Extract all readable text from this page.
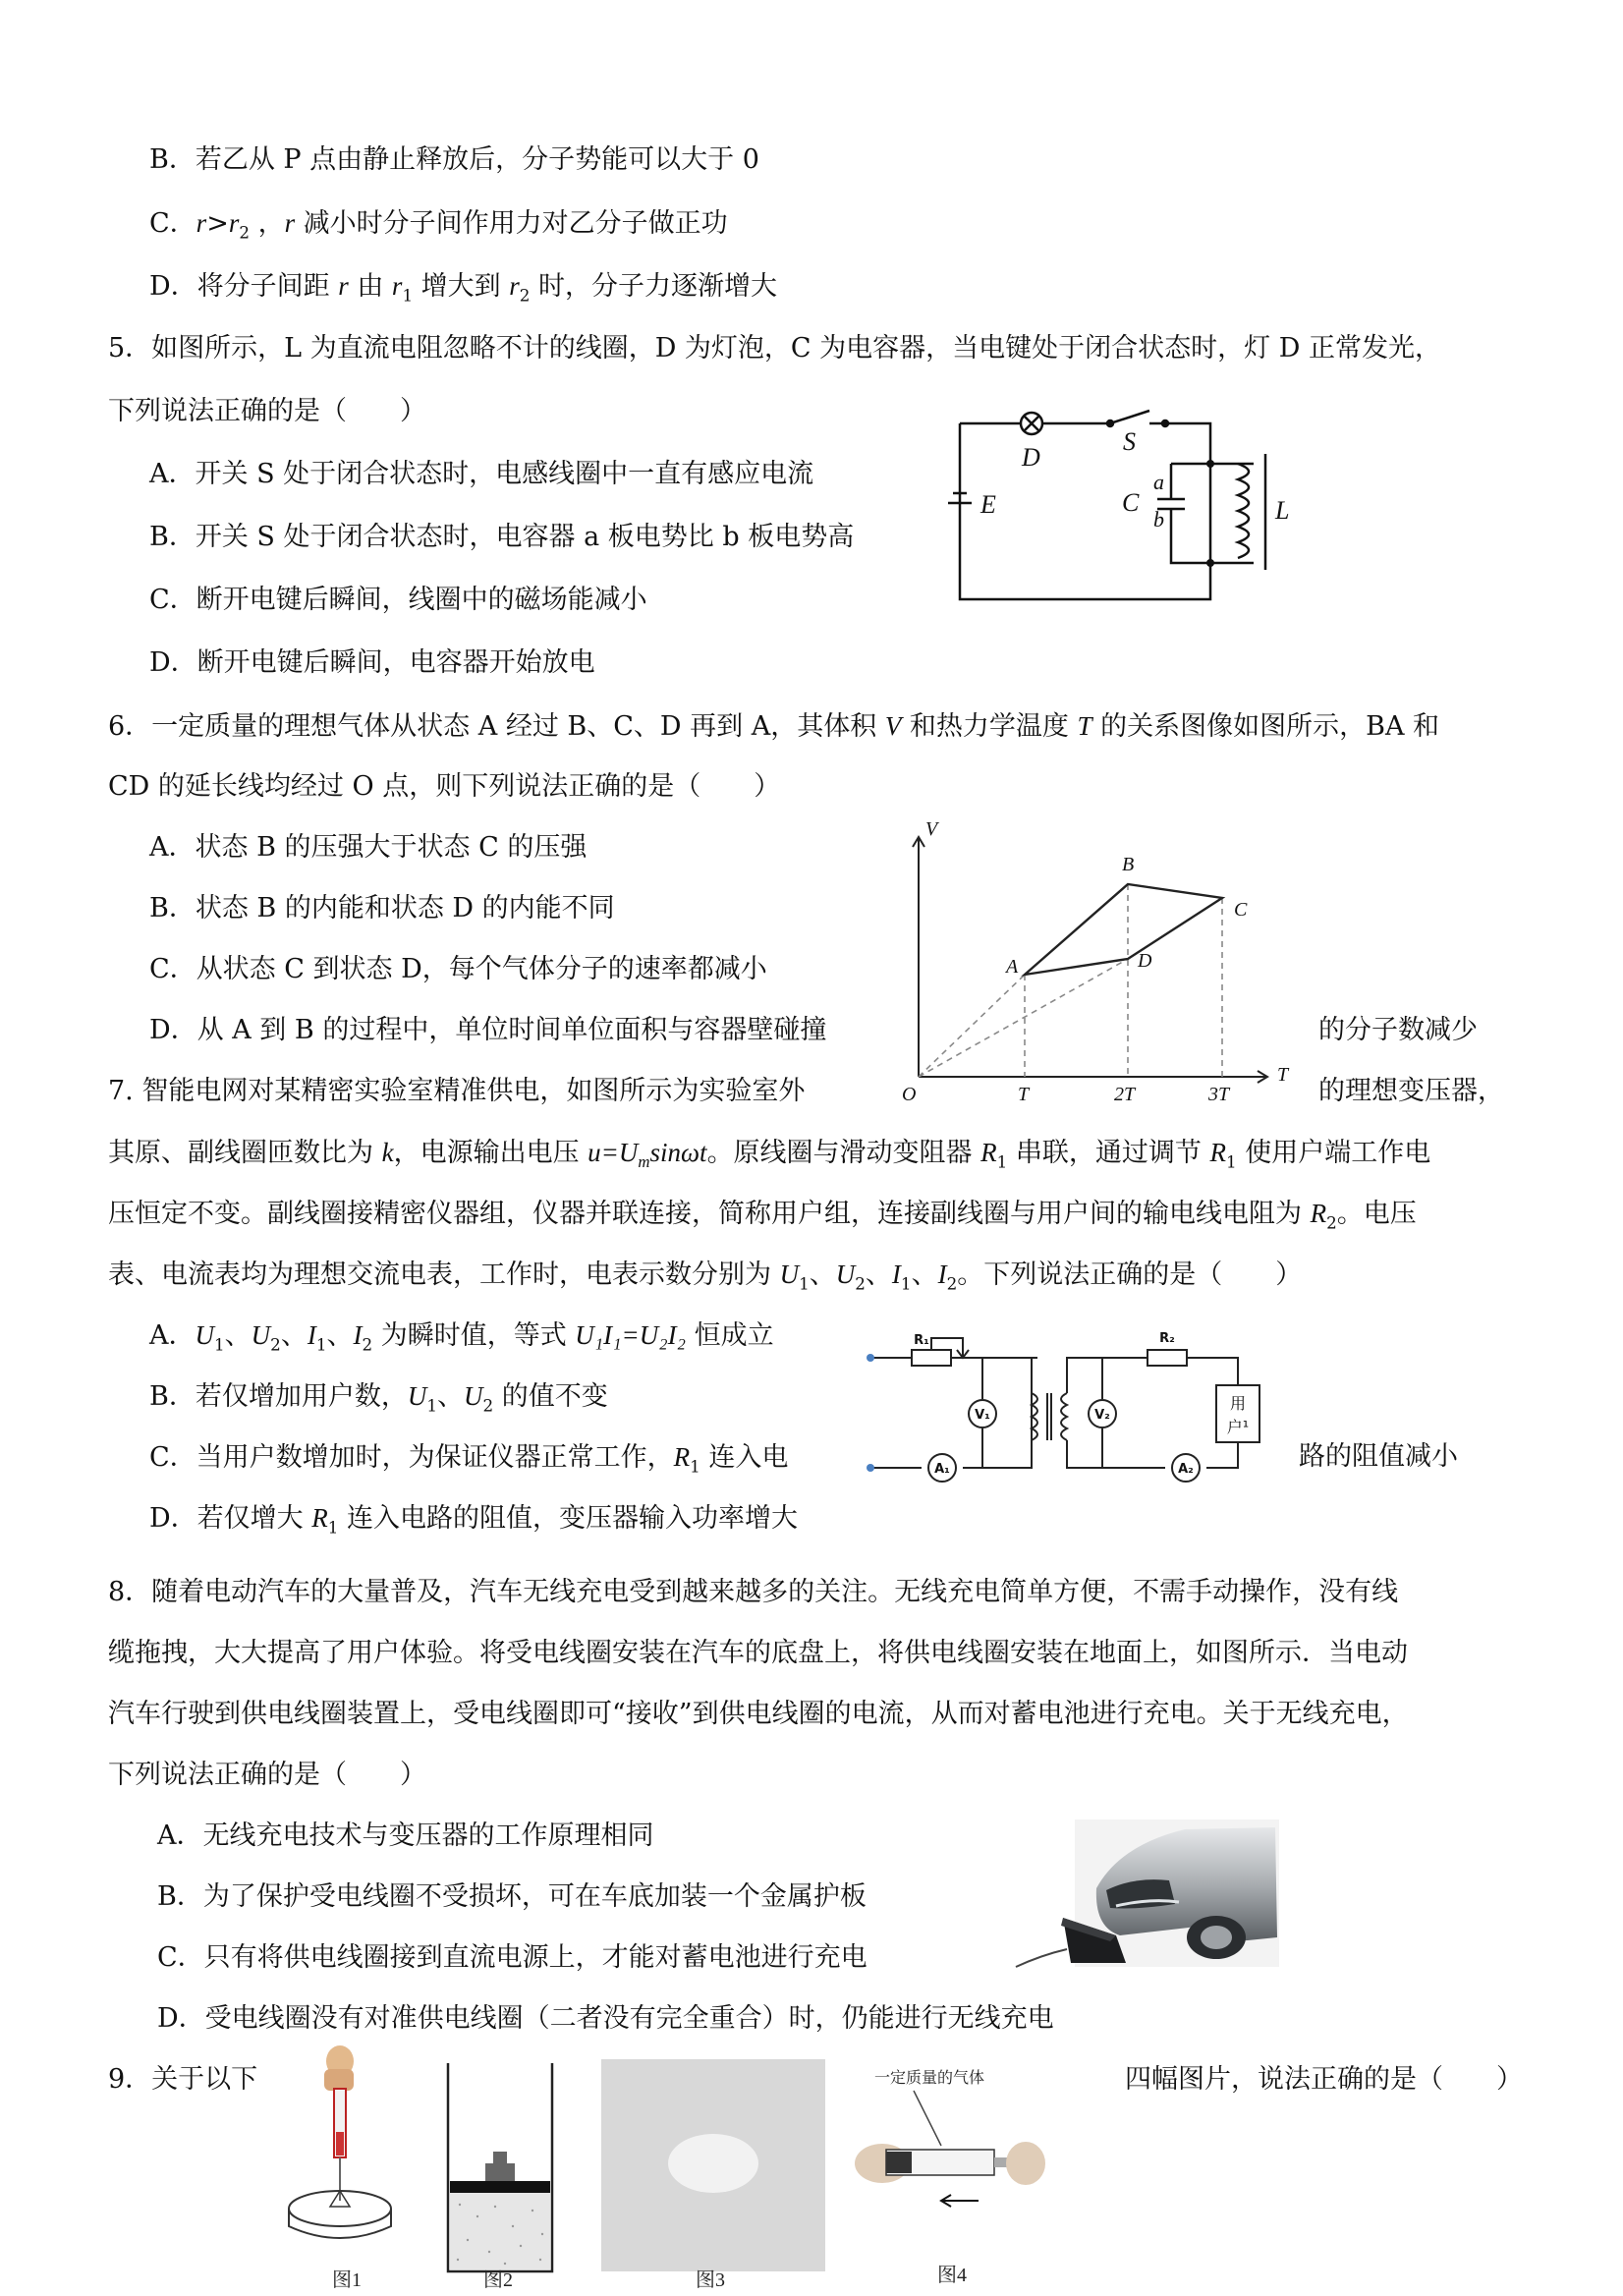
B．若乙从 P 点由静止释放后，分子势能可以大于 0
C．$r>r_2$ ，r 减小时分子间作用力对乙分子做正功
D．将分子间距 r 由 $r_1$ 增大到 $r_2$ 时，分子力逐渐增大
5．如图所示，L 为直流电阻忽略不计的线圈，D 为灯泡，C 为电容器，当电键处于闭合状态时，灯 D 正常发光，
下列说法正确的是（　　）
A．开关 S 处于闭合状态时，电感线圈中一直有感应电流
B．开关 S 处于闭合状态时，电容器 a 板电势比 b 板电势高
C．断开电键后瞬间，线圈中的磁场能减小
D．断开电键后瞬间，电容器开始放电
6．一定质量的理想气体从状态 A 经过 B、C、D 再到 A，其体积 V 和热力学温度 T 的关系图像如图所示，BA 和
CD 的延长线均经过 O 点，则下列说法正确的是（　　）
A．状态 B 的压强大于状态 C 的压强
B．状态 B 的内能和状态 D 的内能不同
C．从状态 C 到状态 D，每个气体分子的速率都减小
D．从 A 到 B 的过程中，单位时间单位面积与容器壁碰撞	的分子数减少
7. 智能电网对某精密实验室精准供电，如图所示为实验室外	的理想变压器，
其原、副线圈匝数比为 k，电源输出电压 $u=U_m\sin\omega t$。原线圈与滑动变阻器 $R_1$ 串联，通过调节 $R_1$ 使用户端工作电
压恒定不变。副线圈接精密仪器组，仪器并联连接，简称用户组，连接副线圈与用户间的输电线电阻为 $R_2$。电压
表、电流表均为理想交流电表，工作时，电表示数分别为 $U_1$、$U_2$、$I_1$、$I_2$。下列说法正确的是（　　）
A．$U_1$、$U_2$、$I_1$、$I_2$ 为瞬时值，等式 U₁I₁=U₂I₂ 恒成立
B．若仅增加用户数，$U_1$、$U_2$ 的值不变
C．当用户数增加时，为保证仪器正常工作，$R_1$ 连入电	路的阻值减小
D．若仅增大 $R_1$ 连入电路的阻值，变压器输入功率增大
8．随着电动汽车的大量普及，汽车无线充电受到越来越多的关注。无线充电简单方便，不需手动操作，没有线
缆拖拽，大大提高了用户体验。将受电线圈安装在汽车的底盘上，将供电线圈安装在地面上，如图所示．当电动
汽车行驶到供电线圈装置上，受电线圈即可“接收”到供电线圈的电流，从而对蓄电池进行充电。关于无线充电，
下列说法正确的是（　　）
A．无线充电技术与变压器的工作原理相同
B．为了保护受电线圈不受损坏，可在车底加装一个金属护板
C．只有将供电线圈接到直流电源上，才能对蓄电池进行充电
D．受电线圈没有对准供电线圈（二者没有完全重合）时，仍能进行无线充电
9．关于以下	四幅图片，说法正确的是（　　）
D
S
C
a
b
E	L
V
T
O
A
B
C
D
T	2T	3T
R₁	R₂
V₁	V₂
A₁	A₂
用
户¹
一定质量的气体
图1	图2	图3	图4
